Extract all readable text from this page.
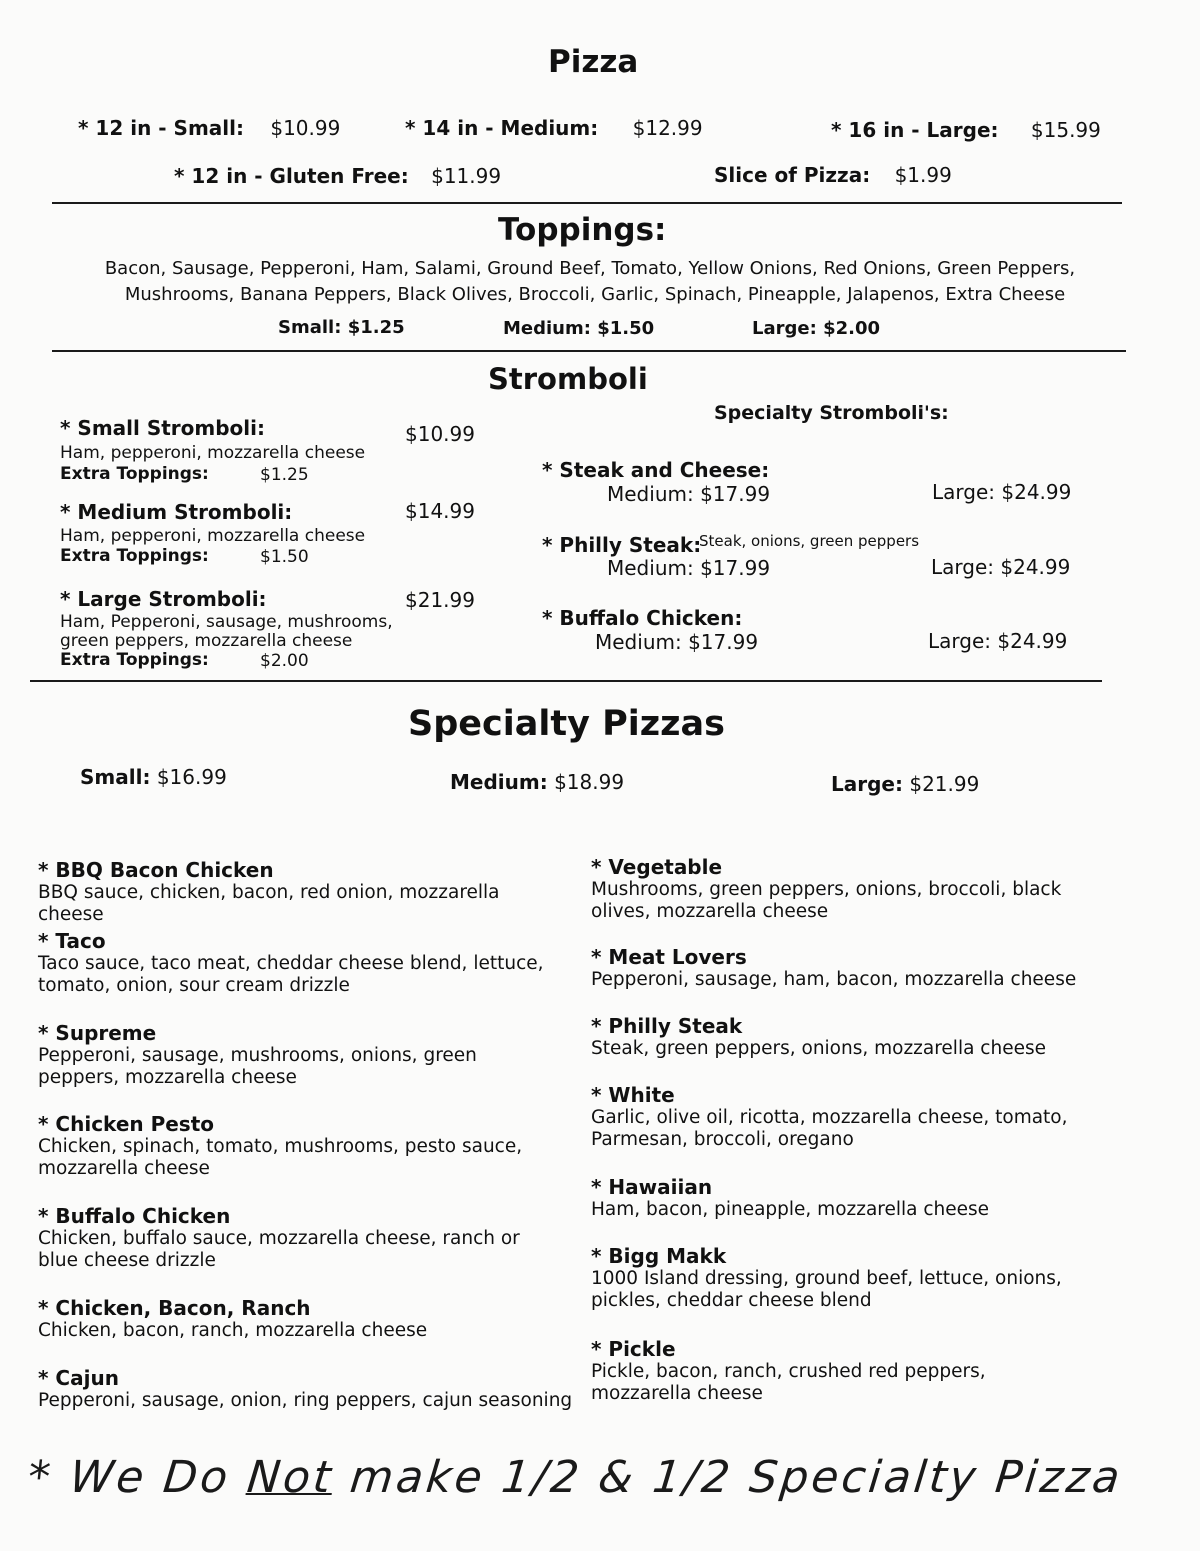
Pizza
* 12 in - Small: $10.99	* 14 in - Medium: $12.99	* 16 in - Large: $15.99
* 12 in - Gluten Free: $11.99	Slice of Pizza: $1.99
Toppings:
Bacon, Sausage, Pepperoni, Ham, Salami, Ground Beef, Tomato, Yellow Onions, Red Onions, Green Peppers,
Mushrooms, Banana Peppers, Black Olives, Broccoli, Garlic, Spinach, Pineapple, Jalapenos, Extra Cheese
Small: $1.25	Medium: $1.50	Large: $2.00
Stromboli
* Small Stromboli:	$10.99
Ham, pepperoni, mozzarella cheese
Extra Toppings:	$1.25
* Medium Stromboli:	$14.99
Ham, pepperoni, mozzarella cheese
Extra Toppings:	$1.50
* Large Stromboli:	$21.99
Ham, Pepperoni, sausage, mushrooms,
green peppers, mozzarella cheese
Extra Toppings:	$2.00
Specialty Stromboli's:
* Steak and Cheese:
Medium: $17.99	Large: $24.99
* Philly Steak:
Steak, onions, green peppers
Medium: $17.99	Large: $24.99
* Buffalo Chicken:
Medium: $17.99	Large: $24.99
Specialty Pizzas
Small: $16.99	Medium: $18.99	Large: $21.99
* BBQ Bacon Chicken
BBQ sauce, chicken, bacon, red onion, mozzarella cheese
* Taco
Taco sauce, taco meat, cheddar cheese blend, lettuce, tomato, onion, sour cream drizzle
* Supreme
Pepperoni, sausage, mushrooms, onions, green peppers, mozzarella cheese
* Chicken Pesto
Chicken, spinach, tomato, mushrooms, pesto sauce, mozzarella cheese
* Buffalo Chicken
Chicken, buffalo sauce, mozzarella cheese, ranch or blue cheese drizzle
* Chicken, Bacon, Ranch
Chicken, bacon, ranch, mozzarella cheese
* Cajun
Pepperoni, sausage, onion, ring peppers, cajun seasoning
* Vegetable
Mushrooms, green peppers, onions, broccoli, black olives, mozzarella cheese
* Meat Lovers
Pepperoni, sausage, ham, bacon, mozzarella cheese
* Philly Steak
Steak, green peppers, onions, mozzarella cheese
* White
Garlic, olive oil, ricotta, mozzarella cheese, tomato, Parmesan, broccoli, oregano
* Hawaiian
Ham, bacon, pineapple, mozzarella cheese
* Bigg Makk
1000 Island dressing, ground beef, lettuce, onions, pickles, cheddar cheese blend
* Pickle
Pickle, bacon, ranch, crushed red peppers, mozzarella cheese
* We Do Not make 1/2 & 1/2 Specialty Pizza
